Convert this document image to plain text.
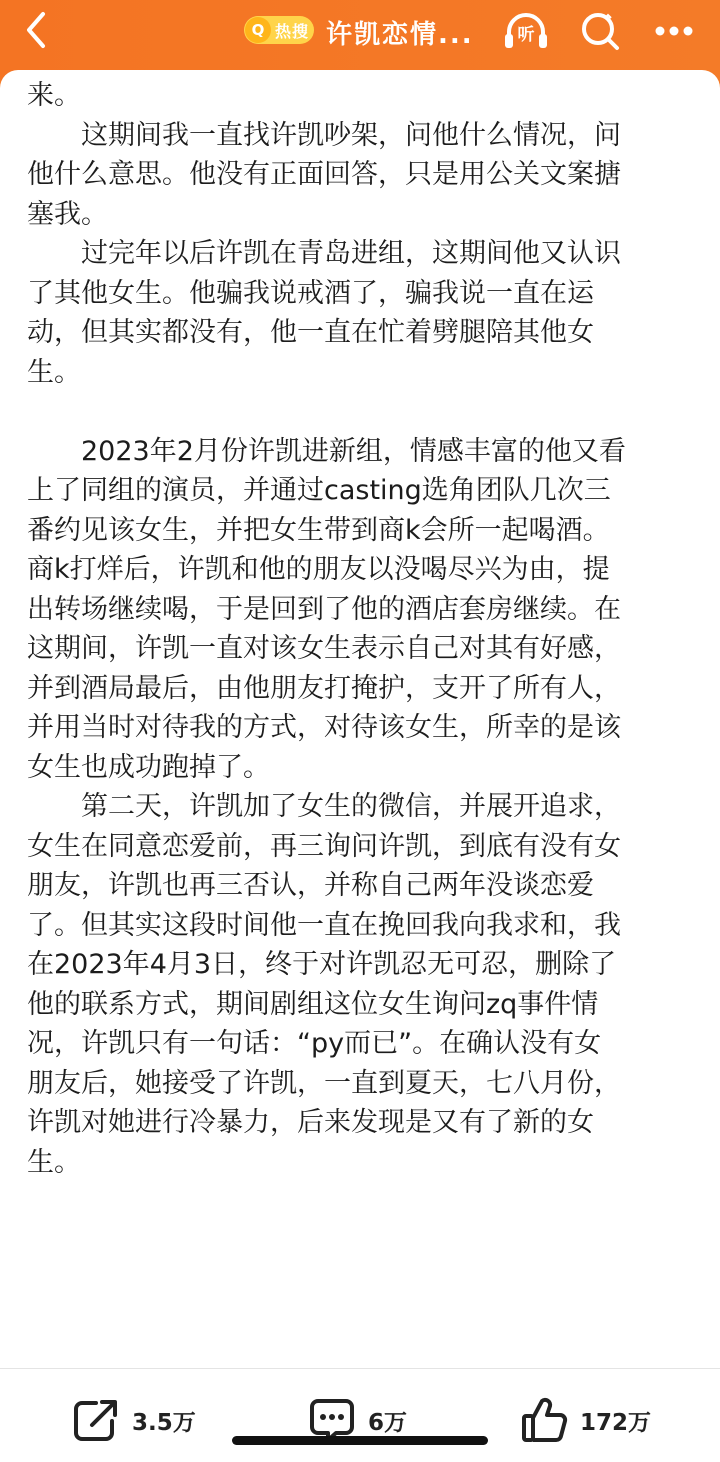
Q 热搜 许凯恋情...	听
来。
　　这期间我一直找许凯吵架，问他什么情况，问
他什么意思。他没有正面回答，只是用公关文案搪
塞我。
　　过完年以后许凯在青岛进组，这期间他又认识
了其他女生。他骗我说戒酒了，骗我说一直在运
动，但其实都没有，他一直在忙着劈腿陪其他女
生。
　　2023年2月份许凯进新组，情感丰富的他又看
上了同组的演员，并通过casting选角团队几次三
番约见该女生，并把女生带到商k会所一起喝酒。
商k打烊后，许凯和他的朋友以没喝尽兴为由，提
出转场继续喝，于是回到了他的酒店套房继续。在
这期间，许凯一直对该女生表示自己对其有好感，
并到酒局最后，由他朋友打掩护，支开了所有人，
并用当时对待我的方式，对待该女生，所幸的是该
女生也成功跑掉了。
　　第二天，许凯加了女生的微信，并展开追求，
女生在同意恋爱前，再三询问许凯，到底有没有女
朋友，许凯也再三否认，并称自己两年没谈恋爱
了。但其实这段时间他一直在挽回我向我求和，我
在2023年4月3日，终于对许凯忍无可忍，删除了
他的联系方式，期间剧组这位女生询问zq事件情
况，许凯只有一句话：“py而已”。在确认没有女
朋友后，她接受了许凯，一直到夏天，七八月份，
许凯对她进行冷暴力，后来发现是又有了新的女
生。
3.5万	6万	172万
